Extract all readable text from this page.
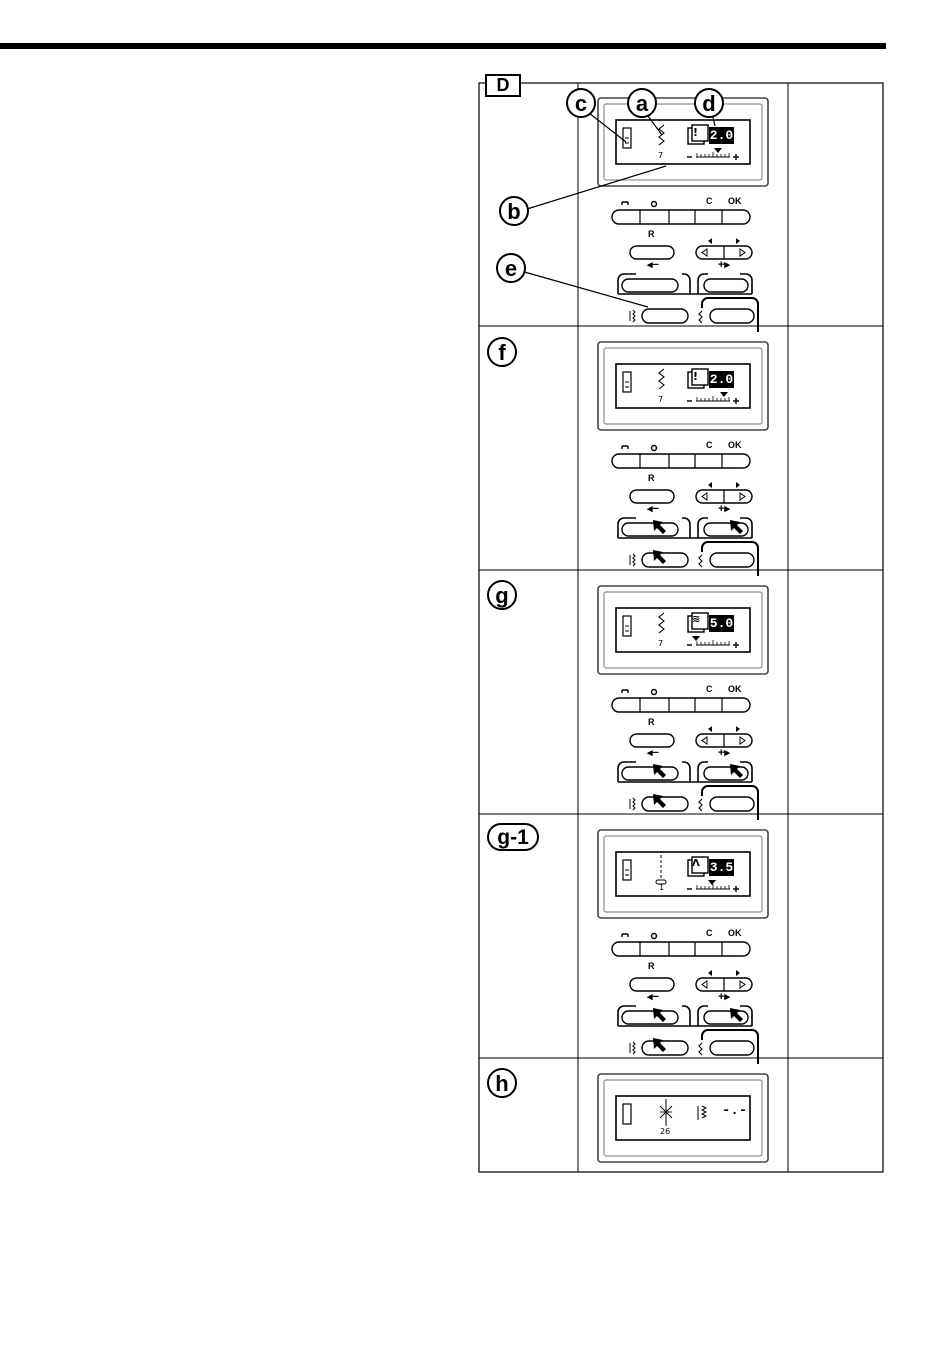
D
c	a	d
b
e
f
g
g-1
h
2.0
7
2.0
7
5.0
7
3.5
1
-.-
26
!
!
≋
Λ
C OK
R
◂−	+▸
C OK
R
◂−	+▸
C OK
R
◂−	+▸
C OK
R
◂−	+▸
